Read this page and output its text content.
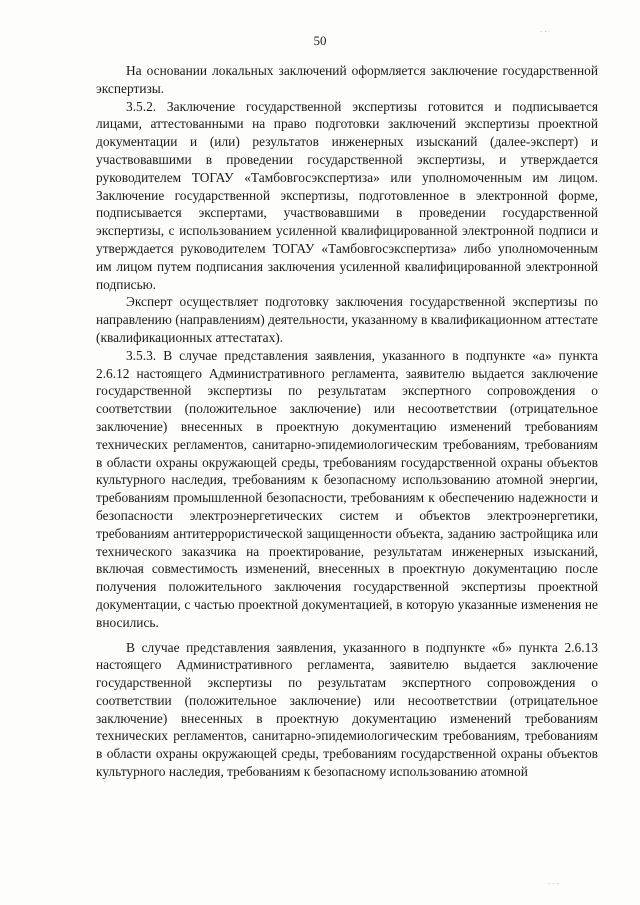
50

На основании локальных заключений оформляется заключение государственной экспертизы.

3.5.2. Заключение государственной экспертизы готовится и подписывается лицами, аттестованными на право подготовки заключений экспертизы проектной документации и (или) результатов инженерных изысканий (далее-эксперт) и участвовавшими в проведении государственной экспертизы, и утверждается руководителем ТОГАУ «Тамбовгосэкспертиза» или уполномоченным им лицом. Заключение государственной экспертизы, подготовленное в электронной форме, подписывается экспертами, участвовавшими в проведении государственной экспертизы, с использованием усиленной квалифицированной электронной подписи и утверждается руководителем ТОГАУ «Тамбовгосэкспертиза» либо уполномоченным им лицом путем подписания заключения усиленной квалифицированной электронной подписью.

Эксперт осуществляет подготовку заключения государственной экспертизы по направлению (направлениям) деятельности, указанному в квалификационном аттестате (квалификационных аттестатах).

3.5.3. В случае представления заявления, указанного в подпункте «а» пункта 2.6.12 настоящего Административного регламента, заявителю выдается заключение государственной экспертизы по результатам экспертного сопровождения о соответствии (положительное заключение) или несоответствии (отрицательное заключение) внесенных в проектную документацию изменений требованиям технических регламентов, санитарно-эпидемиологическим требованиям, требованиям в области охраны окружающей среды, требованиям государственной охраны объектов культурного наследия, требованиям к безопасному использованию атомной энергии, требованиям промышленной безопасности, требованиям к обеспечению надежности и безопасности электроэнергетических систем и объектов электроэнергетики, требованиям антитеррористической защищенности объекта, заданию застройщика или технического заказчика на проектирование, результатам инженерных изысканий, включая совместимость изменений, внесенных в проектную документацию после получения положительного заключения государственной экспертизы проектной документации, с частью проектной документацией, в которую указанные изменения не вносились.

В случае представления заявления, указанного в подпункте «б» пункта 2.6.13 настоящего Административного регламента, заявителю выдается заключение государственной экспертизы по результатам экспертного сопровождения о соответствии (положительное заключение) или несоответствии (отрицательное заключение) внесенных в проектную документацию изменений требованиям технических регламентов, санитарно-эпидемиологическим требованиям, требованиям в области охраны окружающей среды, требованиям государственной охраны объектов культурного наследия, требованиям к безопасному использованию атомной

· ·
· · ·
